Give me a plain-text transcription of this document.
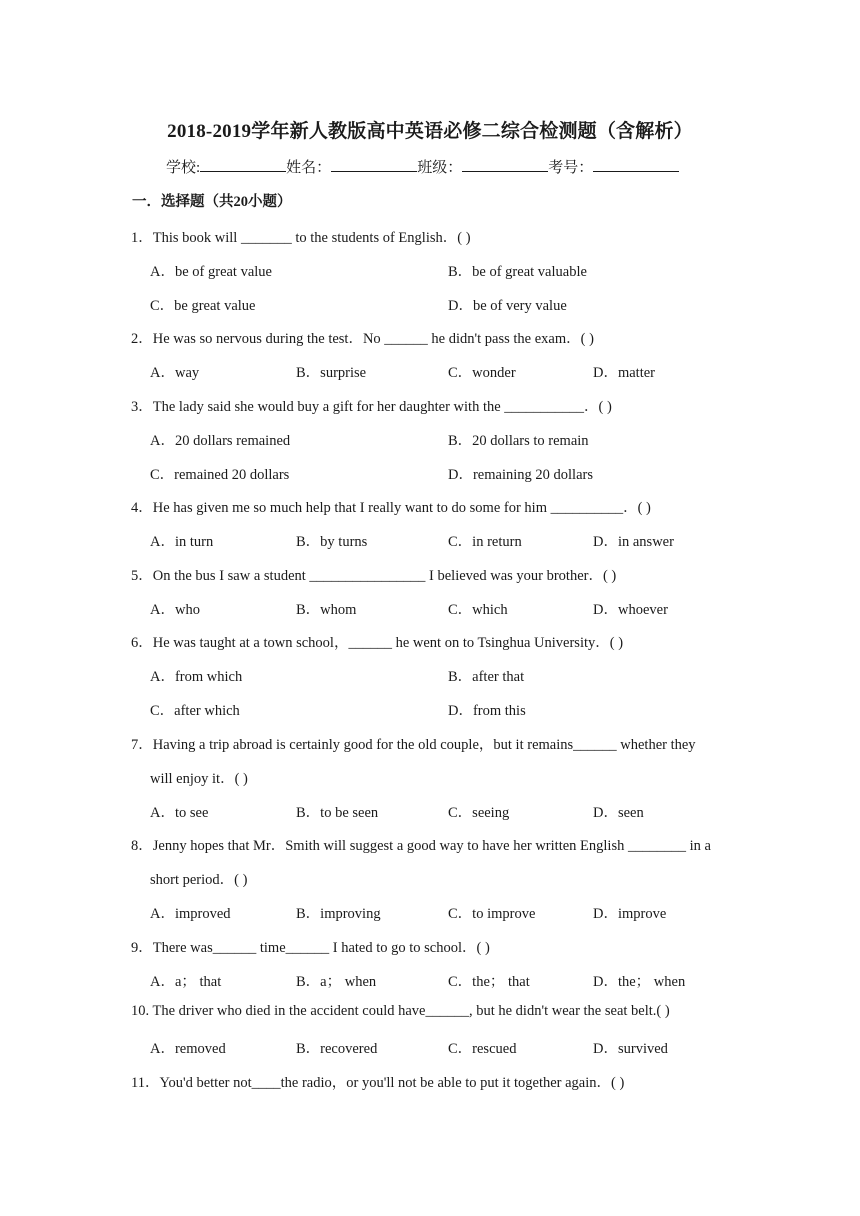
2018-2019学年新人教版高中英语必修二综合检测题（含解析）
学校:	姓名：	班级：	考号：
一．选择题（共20小题）
1．This book will _______ to the students of English．( )
A．be of great value	B．be of great valuable
C．be great value	D．be of very value
2．He was so nervous during the test．No ______ he didn't pass the exam．( )
A．way	B．surprise	C．wonder	D．matter
3．The lady said she would buy a gift for her daughter with the ___________．( )
A．20 dollars remained	B．20 dollars to remain
C．remained 20 dollars	D．remaining 20 dollars
4．He has given me so much help that I really want to do some for him __________．( )
A．in turn	B．by turns	C．in return	D．in answer
5．On the bus I saw a student ________________ I believed was your brother．( )
A．who	B．whom	C．which	D．whoever
6．He was taught at a town school，______ he went on to Tsinghua University．( )
A．from which	B．after that
C．after which	D．from this
7．Having a trip abroad is certainly good for the old couple，but it remains______ whether they
will enjoy it．( )
A．to see	B．to be seen	C．seeing	D．seen
8．Jenny hopes that Mr．Smith will suggest a good way to have her written English ________ in a
short period．( )
A．improved	B．improving	C．to improve	D．improve
9．There was______ time______ I hated to go to school．( )
A．a； that	B．a； when	C．the； that	D．the； when
10. The driver who died in the accident could have______, but he didn't wear the seat belt.( )
A．removed	B．recovered	C．rescued	D．survived
11．You'd better not____the radio，or you'll not be able to put it together again．( )
